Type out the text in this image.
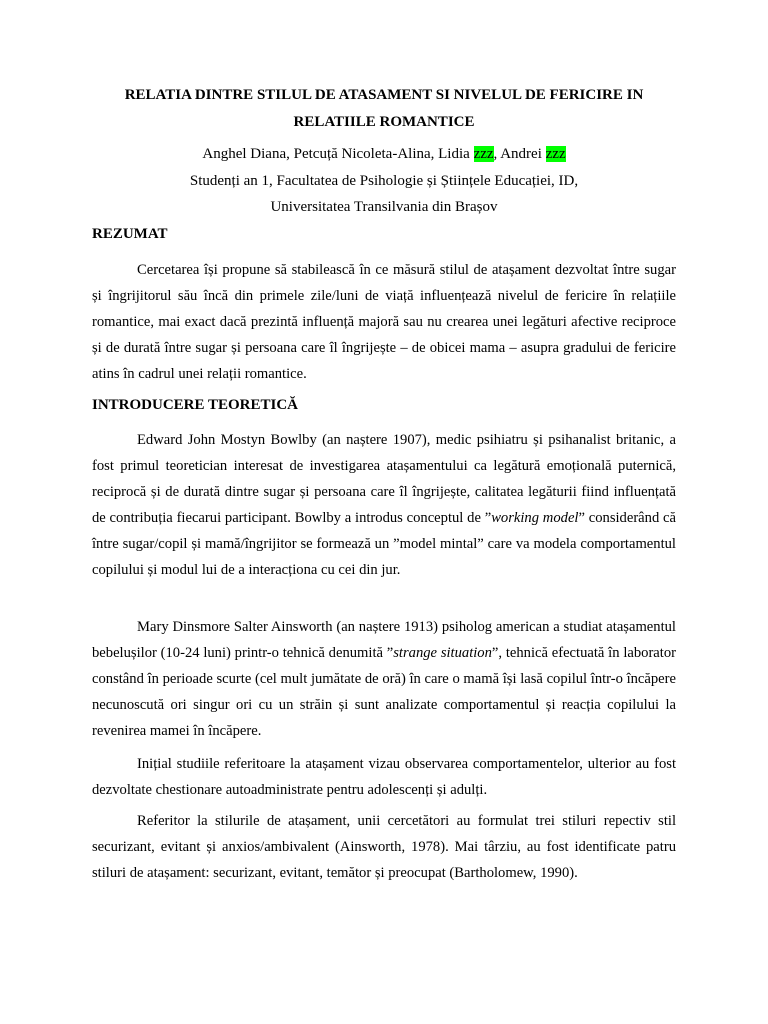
RELATIA DINTRE STILUL DE ATASAMENT SI NIVELUL DE FERICIRE IN
RELATIILE ROMANTICE
Anghel Diana, Petcuță Nicoleta-Alina, Lidia zzz, Andrei zzz
Studenți an 1, Facultatea de Psihologie și Științele Educației, ID,
Universitatea Transilvania din Brașov
REZUMAT

Cercetarea își propune să stabilească în ce măsură stilul de atașament dezvoltat între sugar și îngrijitorul său încă din primele zile/luni de viață influențează nivelul de fericire în relațiile romantice, mai exact dacă prezintă influență majoră sau nu crearea unei legături afective reciproce și de durată între sugar și persoana care îl îngrijește – de obicei mama – asupra gradului de fericire atins în cadrul unei relații romantice.

INTRODUCERE TEORETICĂ

Edward John Mostyn Bowlby (an naștere 1907), medic psihiatru și psihanalist britanic, a fost primul teoretician interesat de investigarea atașamentului ca legătură emoțională puternică, reciprocă și de durată dintre sugar și persoana care îl îngrijește, calitatea legăturii fiind influențată de contribuția fiecarui participant. Bowlby a introdus conceptul de ”working model” considerând că între sugar/copil și mamă/îngrijitor se formează un ”model mintal” care va modela comportamentul copilului și modul lui de a interacționa cu cei din jur.

Mary Dinsmore Salter Ainsworth (an naștere 1913) psiholog american a studiat atașamentul bebelușilor (10-24 luni) printr-o tehnică denumită ”strange situation”, tehnică efectuată în laborator constând în perioade scurte (cel mult jumătate de oră) în care o mamă își lasă copilul într-o încăpere necunoscută ori singur ori cu un străin și sunt analizate comportamentul și reacția copilului la revenirea mamei în încăpere.

Inițial studiile referitoare la atașament vizau observarea comportamentelor, ulterior au fost dezvoltate chestionare autoadministrate pentru adolescenți și adulți.

Referitor la stilurile de atașament, unii cercetători au formulat trei stiluri repectiv stil securizant, evitant și anxios/ambivalent (Ainsworth, 1978). Mai târziu, au fost identificate patru stiluri de atașament: securizant, evitant, temător și preocupat (Bartholomew, 1990).
